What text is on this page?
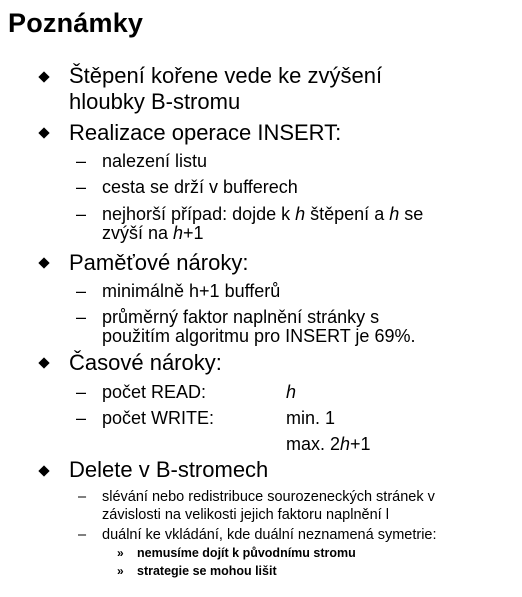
Poznámky
Štěpení kořene vede ke zvýšení
hloubky B-stromu
Realizace operace INSERT:
– nalezení listu
– cesta se drží v bufferech
– nejhorší případ: dojde k h štěpení a h se
zvýší na h+1
Paměťové nároky:
– minimálně h+1 bufferů
– průměrný faktor naplnění stránky s
použitím algoritmu pro INSERT je 69%.
Časové nároky:
– počet READ:	h
– počet WRITE:	min. 1
max. 2h+1
Delete v B-stromech
– slévání nebo redistribuce sourozeneckých stránek v
závislosti na velikosti jejich faktoru naplnění l
– duální ke vkládání, kde duální neznamená symetrie:
» nemusíme dojít k původnímu stromu
» strategie se mohou lišit
